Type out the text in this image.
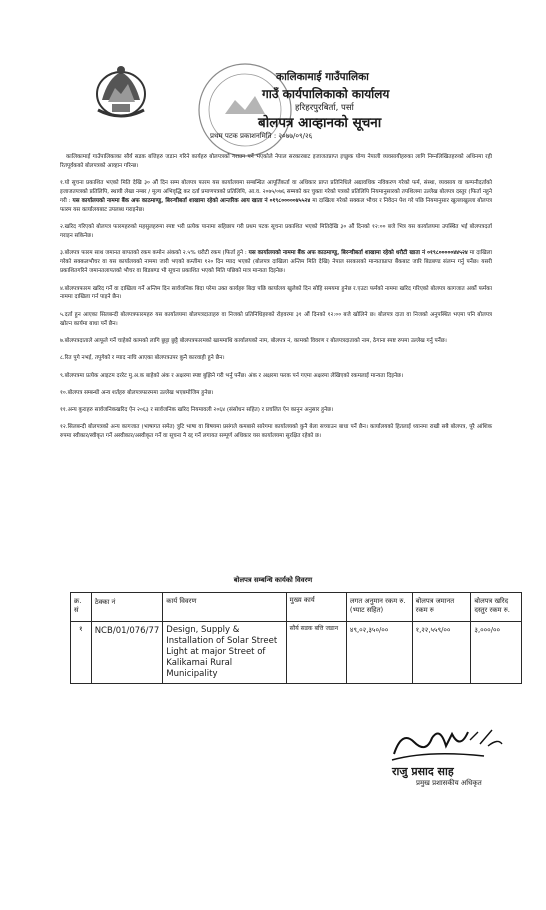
कालिकामाई गाउँपालिका
गाउँ कार्यपालिकाको कार्यालय
हरिहरपुरबिर्ता, पर्सा
बोलपत्र आव्हानको सूचना
प्रथम पटक प्रकाशनमिति : २०७७/०९/२६

कालिकामाई गाउँपालिकाका सौर्य सडक बत्तिहरु जडान गरिने कार्यहरु बोलपत्रको गराउन पर्ने भएकोले नेपाल सरकारबाट इजाजतप्राप्त इच्छुक योग्य नेपाली व्यवसायीहरुका लागि निम्नलिखितहरुको अधिनमा रही रितपूर्वकको बोलपत्रको आव्हान गरिन्छ।

१.यो सूचना प्रकाशित भएको मिति देखि ३० औं दिन सम्म बोलपत्र फारम यस कार्यालयमा सम्बन्धित आपूर्तिकर्ता वा अधिकार प्राप्त प्रतिनिधिले अद्यावधिक नविकरण गरेको फर्म, संस्था, व्यवसाय वा कम्पनीदर्ताको इजाजतपत्रको प्रतिलिपि, स्थायी लेखा नम्बर / मूल्य अभिवृद्धि कर दर्ता प्रमाणपत्रको प्रतिलिपि, आ.व. २०७५/०७६ सम्मको कर चुक्ता गरेको पत्रको प्रतिलिपि नियमानुसारको तपशिलमा उल्लेख बोलपत्र दस्तुर (फिर्ता नहुने गरी : यस कार्यालयको नाममा बैंक अफ काठमाण्डु, बिरन्चीबर्ता शाखामा रहेको आन्तरिक आय खाता नं ०१९८०००००४५५२४ मा दाखिला गरेको सक्कल भौचर र निवेदन पेश गरे पछि नियमानुसार खुल्लाखुल्ला बोलपत्र फारम यस कार्यालयबाट उपलब्ध गराइनेछ।

२.खरिद गरिएको बोलपत्र फारमहरुको महसुलहरुमा स्पष्ट भरी प्रत्येक पानामा सहिछाप गरी प्रथम पटक सूचना प्रकाशित भएको मितिदेखि ३० औं दिनको १२:०० बजे भित्र यस कार्यालयमा उपस्थित भई बोलपत्रदर्ता गराइन सकिनेछ।

३.बोलपत्र फारम साथ जमानत बापतको रकम कमोन अंकको २.५% धरौटी रकम (फिर्ता हुने : यस कार्यालयको नाममा बैंक अफ काठमाण्डु, बिरन्चीबर्ता शाखामा रहेको धरौटी खाता नं ०१९८०००००४४५२४ मा दाखिला गरेको सक्कलभौचर वा यस कार्यालयको नाममा जारी भएको कम्तीमा १२० दिन म्याद भएको (बोलपत्र दाखिला अन्तिम मिति देखि) नेपाल सरकारको मान्यताप्राप्त बैंकबाट जारि बिडबण्ड संलग्न गर्नु पर्नेछ। यसरी प्रकाशितगरिने जमानतलापतको भौचर वा बिडबण्ड भी सूचना प्रकाशित भएको मिति पछिको मात्र मान्यता दिइनेछ।

४.बोलपत्रफारम खरिद गर्ने वा दाखिला गर्ने अन्तिम दिन सार्वजनिक बिदा परेमा उक्त कार्यहरु बिदा पछि कार्यालय खुलेको दिन सोहि समयमा हुनेछ र.एउटा फर्मको नाममा खरिद गरिएको बोलपत्र कागजात अर्को फर्मका नाममा दाखिला गर्न पाइने छैन।

५.दर्ता हुन आएका सिलबन्दी बोलपत्रफारमहरु यस कार्यालयमा बोलपत्रदाताहरु वा निजको प्रतिनिधिहरुको रोहवरमा ३१ औं दिनको १२:०० बजे खोलिने छ। बोलपत्र दाता वा निजको अनुपस्थित भएमा पनि बोलपत्र खोल्न कार्यमा बाधा पर्ने छैन।

७.बोलपत्रदाताले आफूले गर्ने चाहेको कामको लागि छुट्टा छुट्टै बोलपत्रफारमको खाममाथि कार्यालयको नाम, बोलपत्र नं, कामको विवरण र बोलपत्रदाताको नाम, ठेगाना स्पष्ट रुपमा उल्लेख गर्नु पर्नेछ।

८.रित पुगे नभई, तपुगेको र म्याद नाघि आएका बोलपत्रउपर कुनै कारवाही हुने छैन।

९.बोलपत्रमा प्रत्येक आइटम दररेट मु.अ.क बाहेको अंक र अक्षरमा स्पष्ट बुझिने गरी भर्नु पर्नेछ। अंक र अक्षरमा फरक पर्न गएमा अक्षरमा लेखिएको रकमलाई मान्यता दिइनेछ।

१०.बोलपत्र सम्बन्धी अन्य शर्तहरु बोलपत्रफारममा उल्लेख भएबमोजिम हुनेछ।

११.अन्य कुराहरु सार्वजनिकखरिद ऐन २०६३ र सार्वजनिक खरिद नियमावली २०६४ (संसोधन सहित) र प्रचलित ऐन कानुन अनुसार हुनेछ।

१२.सिलबन्दी बोलपत्रको अन्य कागजात (भाषागत समेत) त्रुटि भाषा वा बिषयमा प्रसंगले कमबासे सारेगमा कार्यालयको कुनै बेला सच्याउन बाधा पर्ने छैन। कार्यालयको हितलाई ध्यानमा राखी सबै बोलपत्र, पूरै आंशिक रुपमा स्वीकार/स्वीकृत गर्ने अस्वीकार/अस्वीकृत गर्ने वा सूचना नै रद्द गर्ने लगायत सम्पूर्ण अधिकार यस कार्यालयमा सुरक्षित रहेको छ।

बोलपत्र सम्बन्धि कार्यको विवरण
क्र. सं	ठेक्का नं	कार्य विवरण	मुख्य कार्य	लगत अनुमान रकम रु. (भ्याट सहित)	बोलपत्र जमानत रकम रु	बोलपत्र खरिद दस्तुर रकम रु.
१	NCB/01/076/77	Design, Supply & Installation of Solar Street Light at major Street of Kalikamai Rural Municipality	सौर्य सडक बत्ति जडान	४९,०२,३५०/००	१,२२,५५९/००	३,०००/००
राजु प्रसाद साह
प्रमुख प्रशासकीय अधिकृत
